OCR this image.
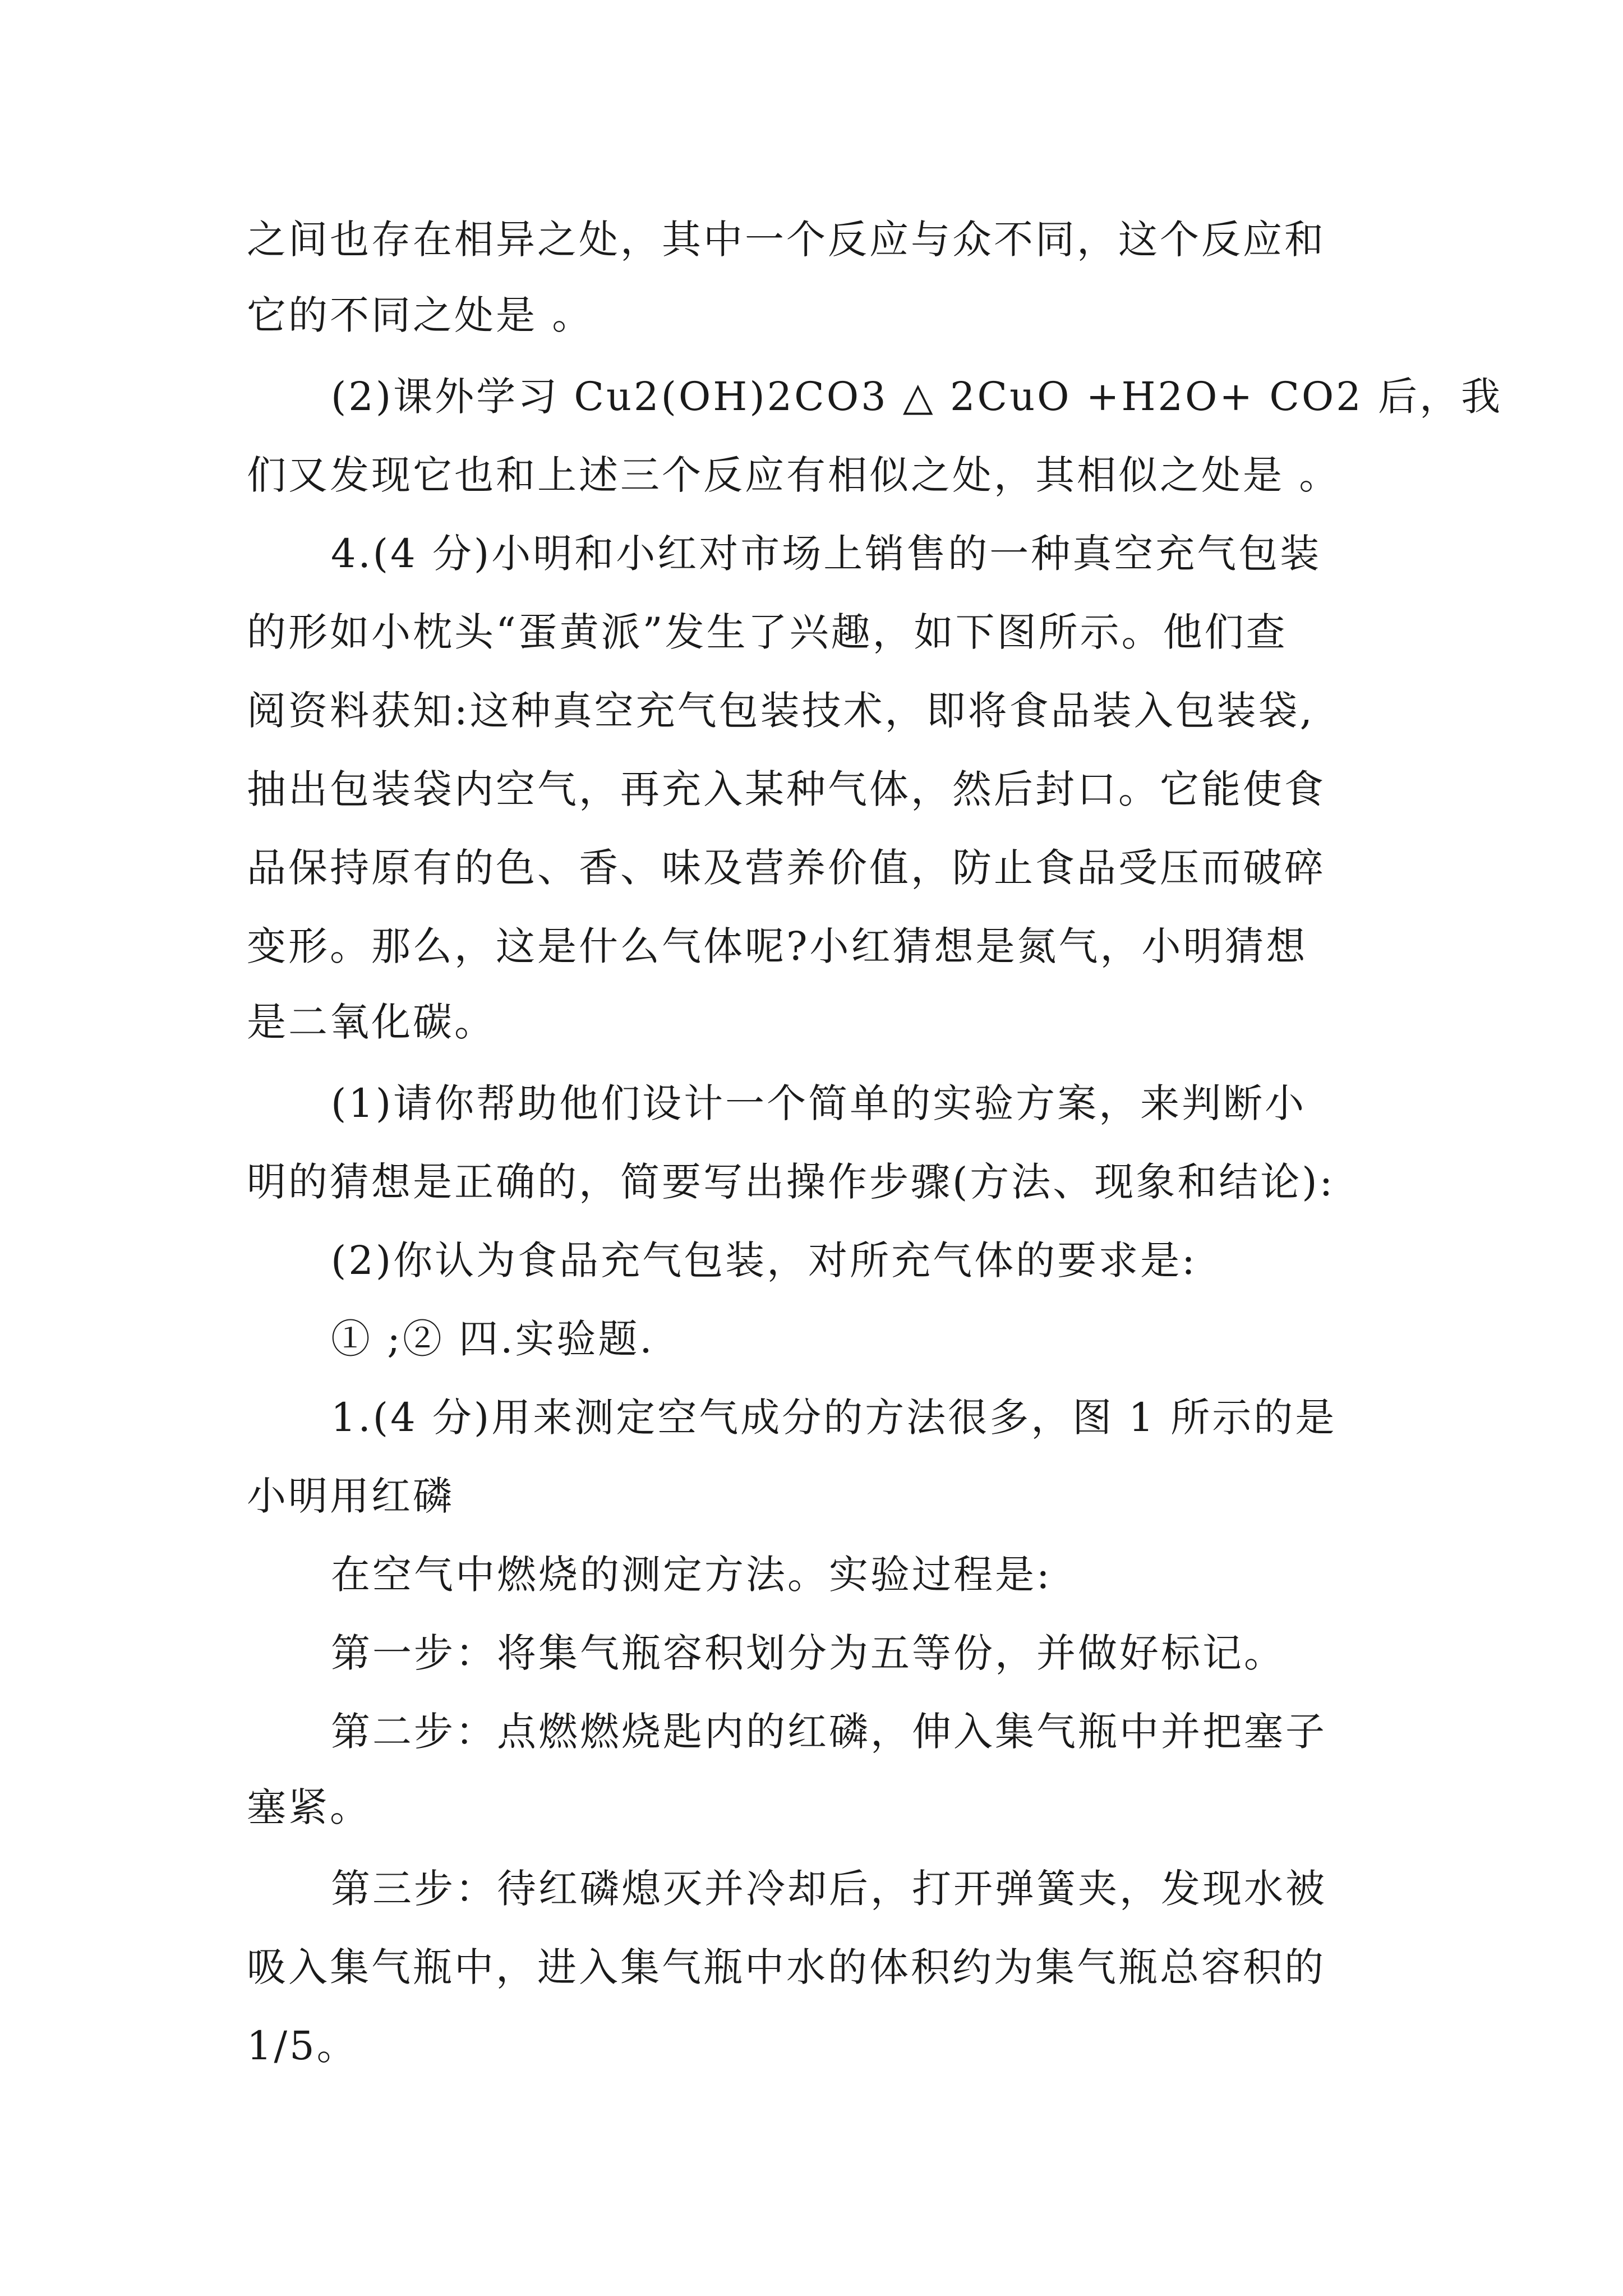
之间也存在相异之处，其中一个反应与众不同，这个反应和
它的不同之处是 。
(2)课外学习 Cu2(OH)2CO3 △ 2CuO +H2O+ CO2 后，我
们又发现它也和上述三个反应有相似之处，其相似之处是 。
4.(4 分)小明和小红对市场上销售的一种真空充气包装
的形如小枕头“蛋黄派”发生了兴趣，如下图所示。他们查
阅资料获知:这种真空充气包装技术，即将食品装入包装袋,
抽出包装袋内空气，再充入某种气体，然后封口。它能使食
品保持原有的色、香、味及营养价值，防止食品受压而破碎
变形。那么，这是什么气体呢?小红猜想是氮气，小明猜想
是二氧化碳。
(1)请你帮助他们设计一个简单的实验方案，来判断小
明的猜想是正确的，简要写出操作步骤(方法、现象和结论):
(2)你认为食品充气包装，对所充气体的要求是:
① ;② 四.实验题.
1.(4 分)用来测定空气成分的方法很多，图 1 所示的是
小明用红磷
在空气中燃烧的测定方法。实验过程是:
第一步：将集气瓶容积划分为五等份，并做好标记。
第二步：点燃燃烧匙内的红磷，伸入集气瓶中并把塞子
塞紧。
第三步：待红磷熄灭并冷却后，打开弹簧夹，发现水被
吸入集气瓶中，进入集气瓶中水的体积约为集气瓶总容积的
1/5。
